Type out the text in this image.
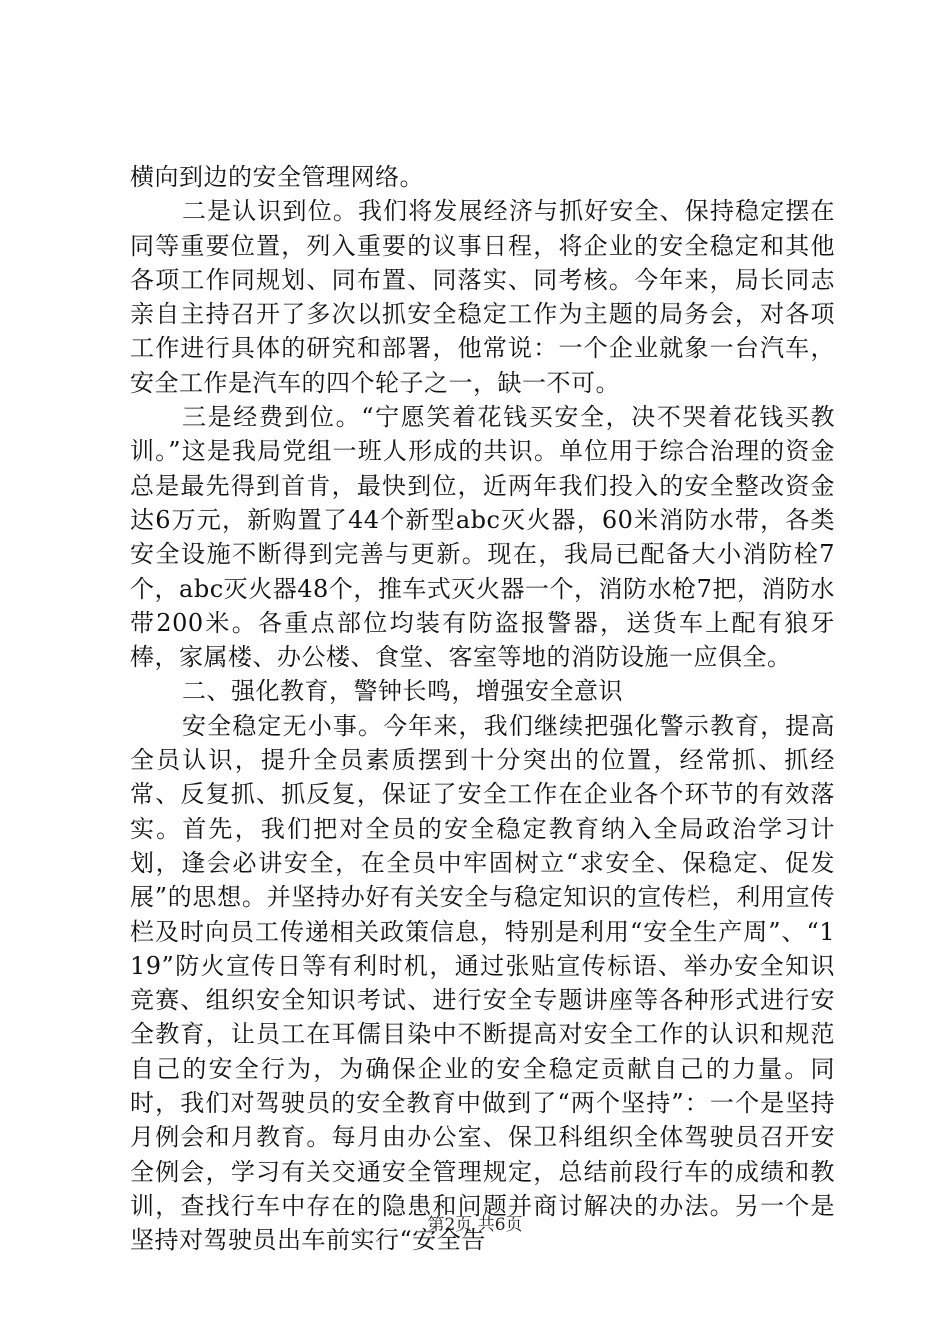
横向到边的安全管理网络。

二是认识到位。我们将发展经济与抓好安全、保持稳定摆在同等重要位置，列入重要的议事日程，将企业的安全稳定和其他各项工作同规划、同布置、同落实、同考核。今年来，局长同志亲自主持召开了多次以抓安全稳定工作为主题的局务会，对各项工作进行具体的研究和部署，他常说：一个企业就象一台汽车，安全工作是汽车的四个轮子之一，缺一不可。

三是经费到位。“宁愿笑着花钱买安全，决不哭着花钱买教训。”这是我局党组一班人形成的共识。单位用于综合治理的资金总是最先得到首肯，最快到位，近两年我们投入的安全整改资金达6万元，新购置了44个新型abc灭火器，60米消防水带，各类安全设施不断得到完善与更新。现在，我局已配备大小消防栓7个，abc灭火器48个，推车式灭火器一个，消防水枪7把，消防水带200米。各重点部位均装有防盗报警器，送货车上配有狼牙棒，家属楼、办公楼、食堂、客室等地的消防设施一应俱全。

二、强化教育，警钟长鸣，增强安全意识

安全稳定无小事。今年来，我们继续把强化警示教育，提高全员认识，提升全员素质摆到十分突出的位置，经常抓、抓经常、反复抓、抓反复，保证了安全工作在企业各个环节的有效落实。首先，我们把对全员的安全稳定教育纳入全局政治学习计划，逢会必讲安全，在全员中牢固树立“求安全、保稳定、促发展”的思想。并坚持办好有关安全与稳定知识的宣传栏，利用宣传栏及时向员工传递相关政策信息，特别是利用“安全生产周”、“119”防火宣传日等有利时机，通过张贴宣传标语、举办安全知识竞赛、组织安全知识考试、进行安全专题讲座等各种形式进行安全教育，让员工在耳儒目染中不断提高对安全工作的认识和规范自己的安全行为，为确保企业的安全稳定贡献自己的力量。同时，我们对驾驶员的安全教育中做到了“两个坚持”：一个是坚持月例会和月教育。每月由办公室、保卫科组织全体驾驶员召开安全例会，学习有关交通安全管理规定，总结前段行车的成绩和教训，查找行车中存在的隐患和问题并商讨解决的办法。另一个是坚持对驾驶员出车前实行“安全告

第2页 共6页
